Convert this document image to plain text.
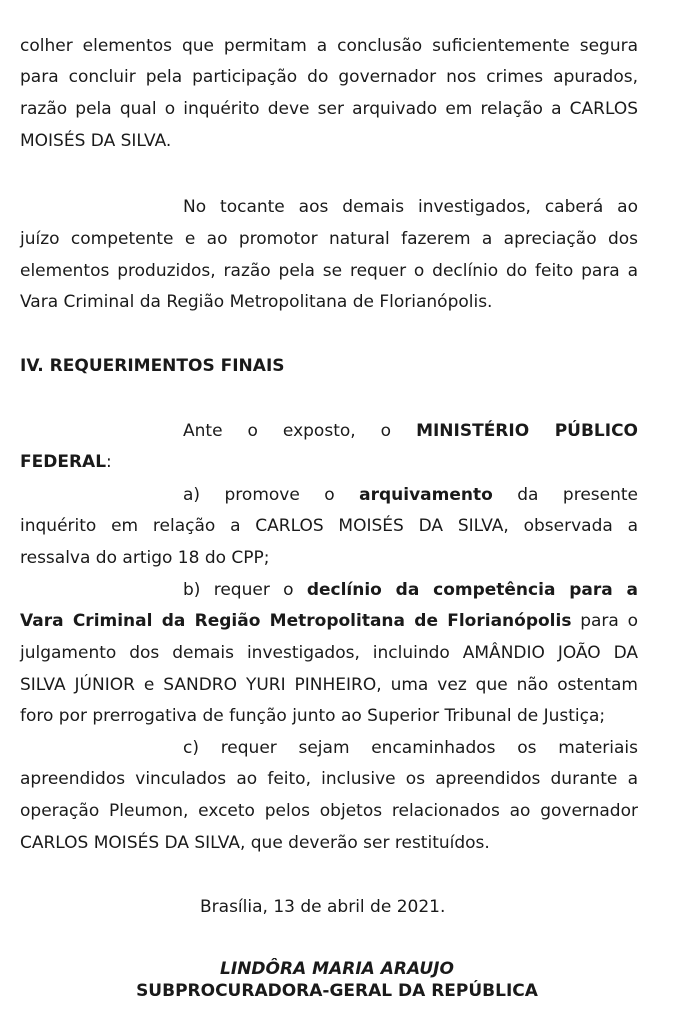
colher elementos que permitam a conclusão suficientemente segura
para concluir pela participação do governador nos crimes apurados,
razão pela qual o inquérito deve ser arquivado em relação a CARLOS
MOISÉS DA SILVA.
No tocante aos demais investigados, caberá ao
juízo competente e ao promotor natural fazerem a apreciação dos
elementos produzidos, razão pela se requer o declínio do feito para a
Vara Criminal da Região Metropolitana de Florianópolis.
IV. REQUERIMENTOS FINAIS
Ante o exposto, o MINISTÉRIO PÚBLICO
FEDERAL:
a) promove o arquivamento da presente
inquérito em relação a CARLOS MOISÉS DA SILVA, observada a
ressalva do artigo 18 do CPP;
b) requer o declínio da competência para a
Vara Criminal da Região Metropolitana de Florianópolis para o
julgamento dos demais investigados, incluindo AMÂNDIO JOÃO DA
SILVA JÚNIOR e SANDRO YURI PINHEIRO, uma vez que não ostentam
foro por prerrogativa de função junto ao Superior Tribunal de Justiça;
c) requer sejam encaminhados os materiais
apreendidos vinculados ao feito, inclusive os apreendidos durante a
operação Pleumon, exceto pelos objetos relacionados ao governador
CARLOS MOISÉS DA SILVA, que deverão ser restituídos.
Brasília, 13 de abril de 2021.
LINDÔRA MARIA ARAUJO
SUBPROCURADORA-GERAL DA REPÚBLICA
